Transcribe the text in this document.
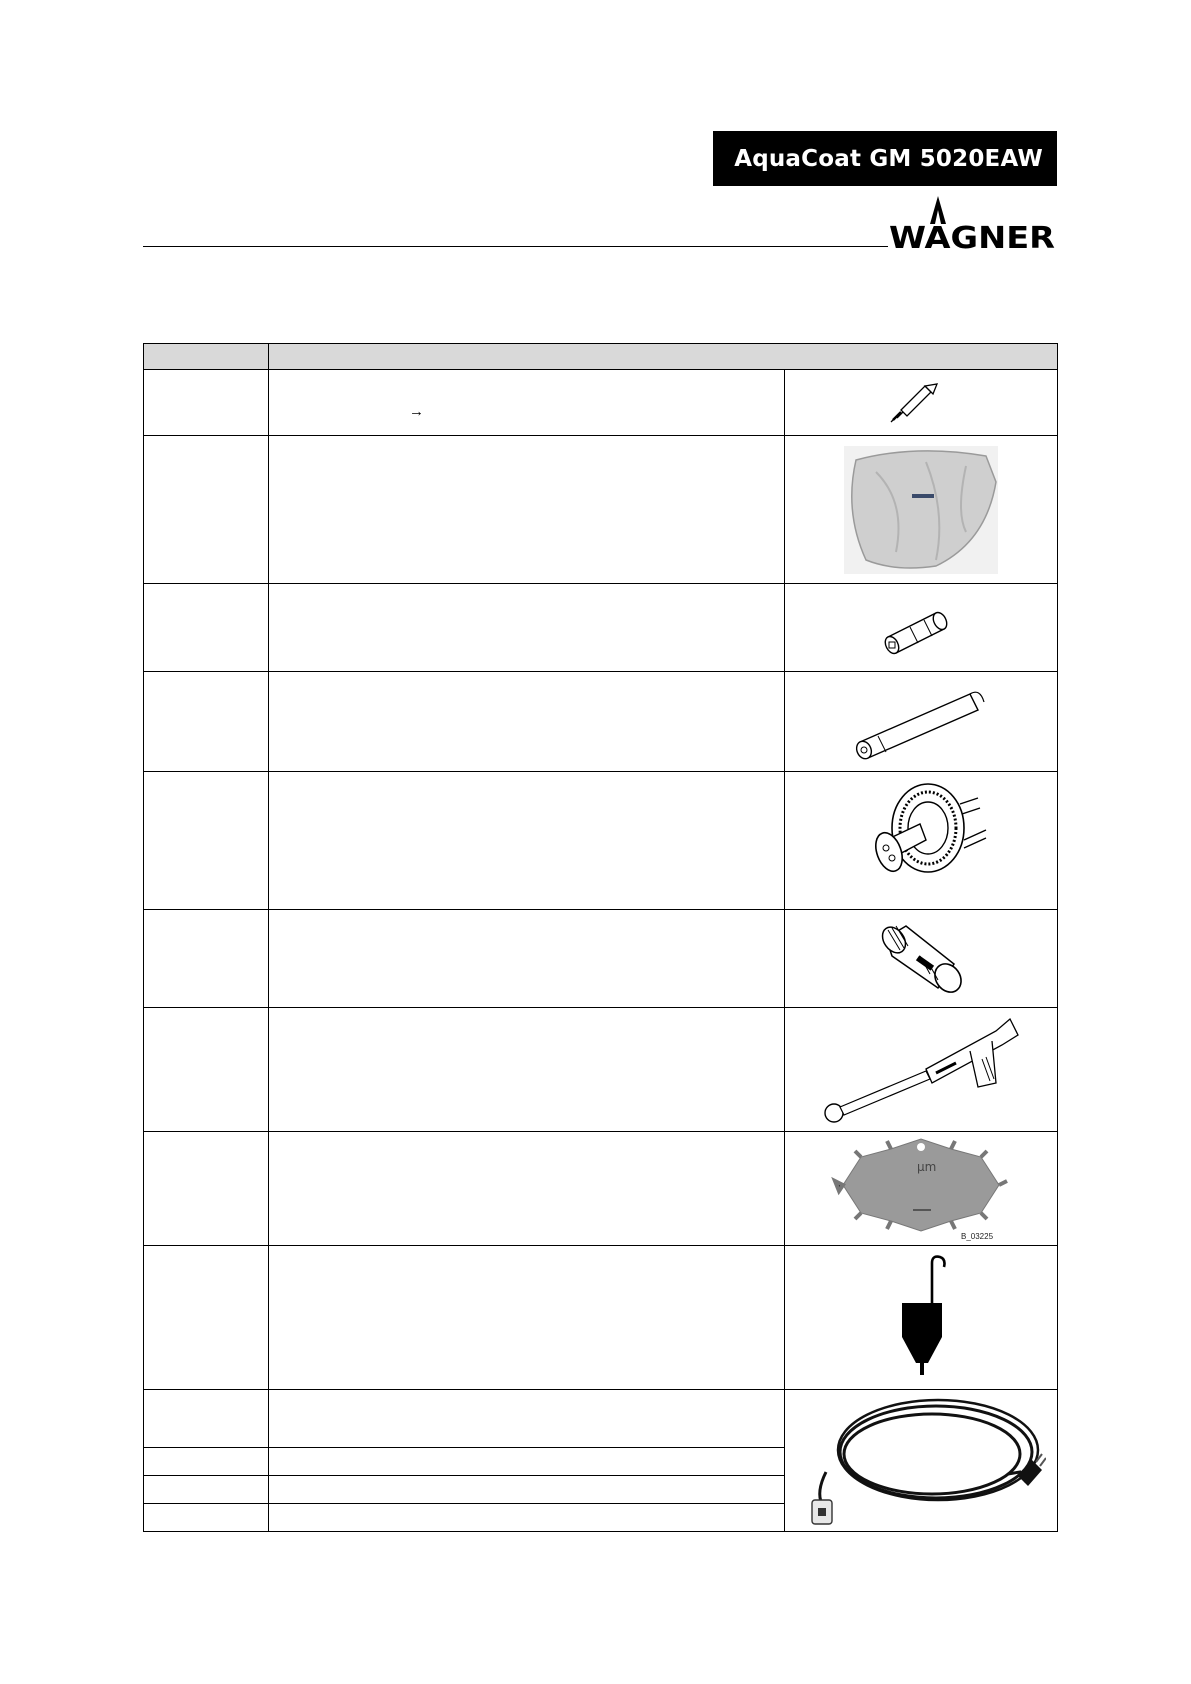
AquaCoat GM 5020EAW
WAGNER

	→	

μm
B_03225
